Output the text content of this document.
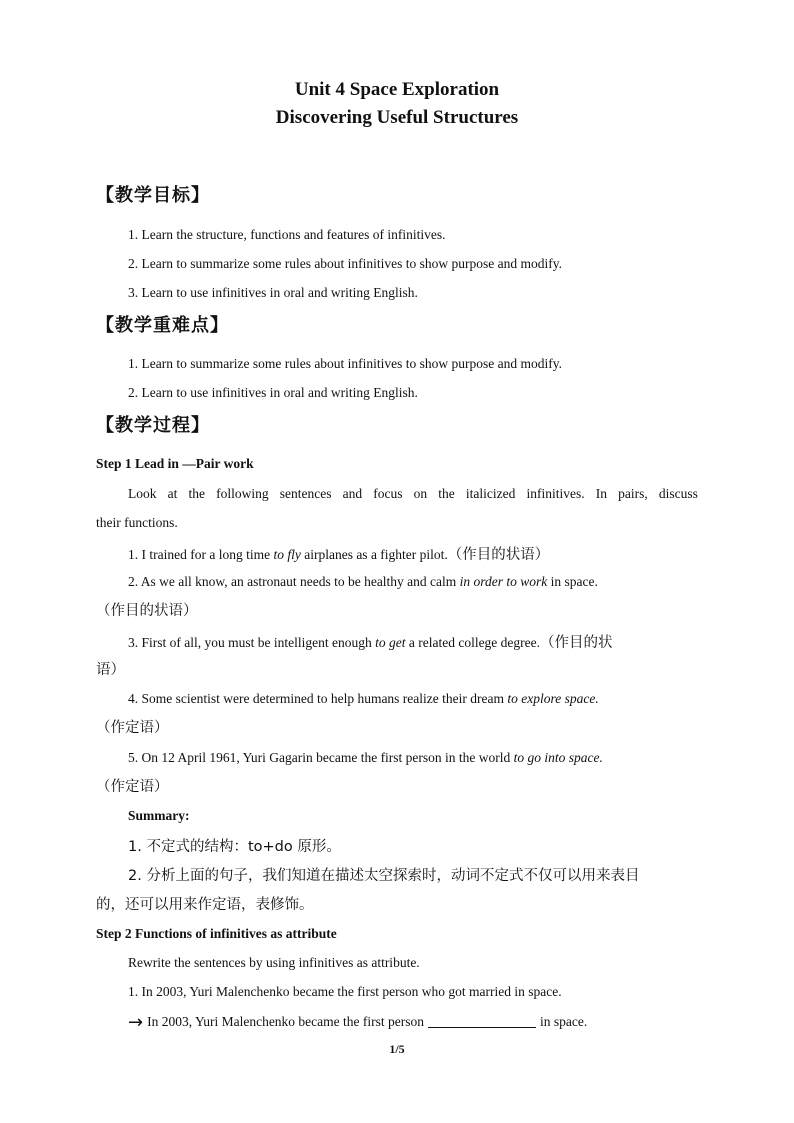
Unit 4 Space Exploration
Discovering Useful Structures
【教学目标】
1. Learn the structure, functions and features of infinitives.
2. Learn to summarize some rules about infinitives to show purpose and modify.
3. Learn to use infinitives in oral and writing English.
【教学重难点】
1. Learn to summarize some rules about infinitives to show purpose and modify.
2. Learn to use infinitives in oral and writing English.
【教学过程】
Step 1 Lead in —Pair work
Look at the following sentences and focus on the italicized infinitives. In pairs, discuss
their functions.
1. I trained for a long time to fly airplanes as a fighter pilot.（作目的状语）
2. As we all know, an astronaut needs to be healthy and calm in order to work in space.
（作目的状语）
3. First of all, you must be intelligent enough to get a related college degree.（作目的状
语）
4. Some scientist were determined to help humans realize their dream to explore space.
（作定语）
5. On 12 April 1961, Yuri Gagarin became the first person in the world to go into space.
（作定语）
Summary:
1. 不定式的结构：to+do 原形。
2. 分析上面的句子，我们知道在描述太空探索时，动词不定式不仅可以用来表目
的，还可以用来作定语，表修饰。
Step 2 Functions of infinitives as attribute
Rewrite the sentences by using infinitives as attribute.
1. In 2003, Yuri Malenchenko became the first person who got married in space.
→ In 2003, Yuri Malenchenko became the first person	in space.
1/5
